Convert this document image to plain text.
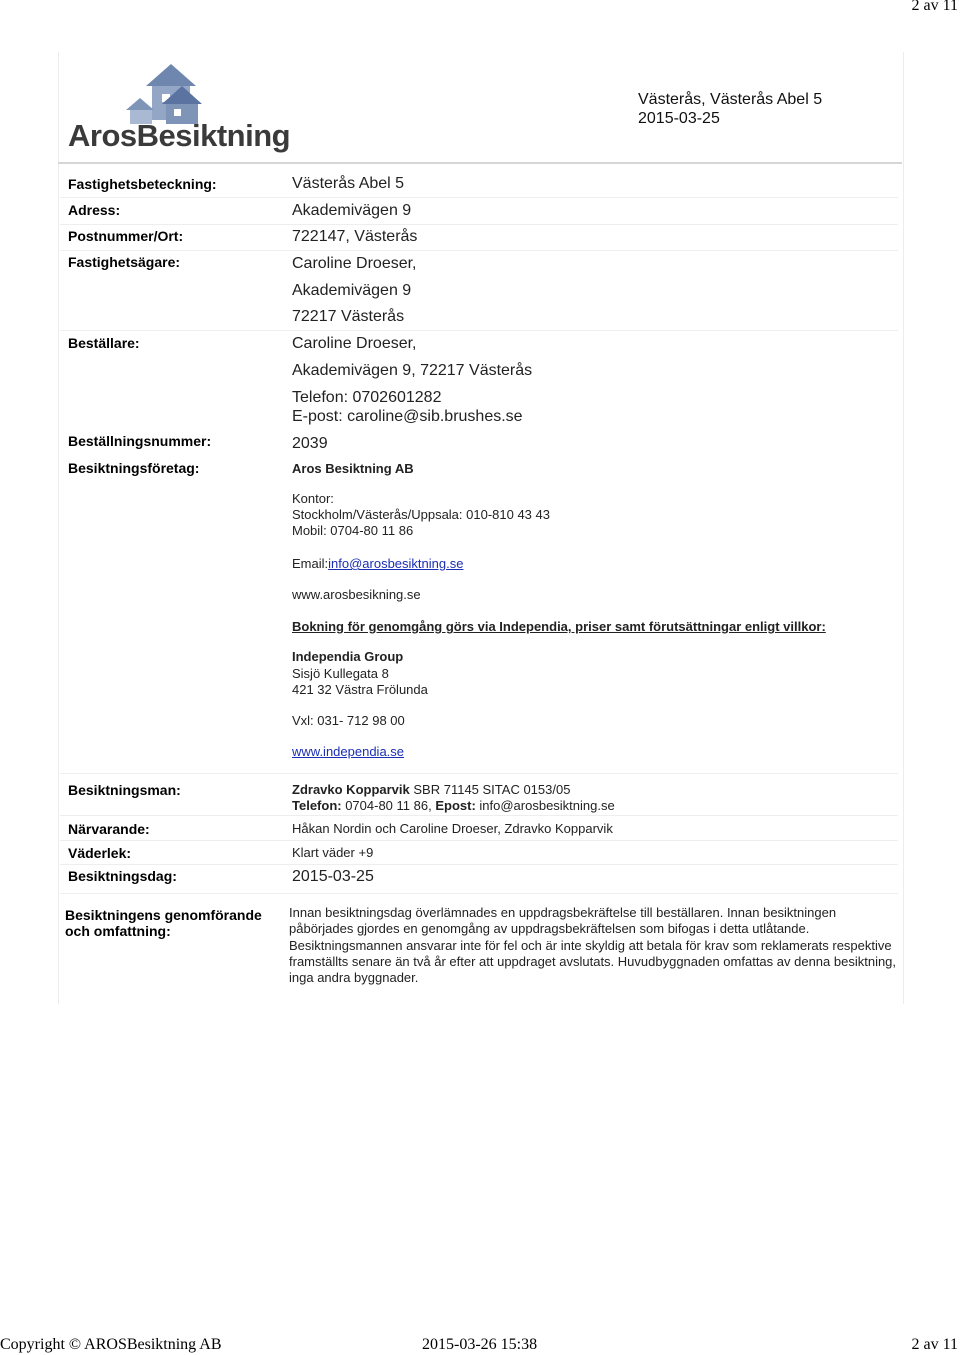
2 av 11
ArosBesiktning
Västerås, Västerås Abel 5
2015-03-25
Fastighetsbeteckning:	Västerås Abel 5
Adress:	Akademivägen 9
Postnummer/Ort:	722147, Västerås
Fastighetsägare:	Caroline Droeser,
Akademivägen 9
72217 Västerås
Beställare:	Caroline Droeser,
Akademivägen 9, 72217 Västerås
Telefon: 0702601282
E-post: caroline@sib.brushes.se
Beställningsnummer:	2039
Besiktningsföretag:	Aros Besiktning AB
Kontor:
Stockholm/Västerås/Uppsala: 010-810 43 43
Mobil: 0704-80 11 86
Email:info@arosbesiktning.se
www.arosbesikning.se
Bokning för genomgång görs via Independia, priser samt förutsättningar enligt villkor:
Independia Group
Sisjö Kullegata 8
421 32 Västra Frölunda
Vxl: 031- 712 98 00
www.independia.se
Besiktningsman:	Zdravko Kopparvik SBR 71145 SITAC 0153/05
Telefon: 0704-80 11 86, Epost: info@arosbesiktning.se
Närvarande:	Håkan Nordin och Caroline Droeser, Zdravko Kopparvik
Väderlek:	Klart väder +9
Besiktningsdag:	2015-03-25
Besiktningens genomförande
och omfattning:
Innan besiktningsdag överlämnades en uppdragsbekräftelse till beställaren. Innan besiktningen påbörjades gjordes en genomgång av uppdragsbekräftelsen som bifogas i detta utlåtande. Besiktningsmannen ansvarar inte för fel och är inte skyldig att betala för krav som reklamerats respektive framställts senare än två år efter att uppdraget avslutats. Huvudbyggnaden omfattas av denna besiktning, inga andra byggnader.
Copyright © AROSBesiktning AB	2015-03-26 15:38	2 av 11
